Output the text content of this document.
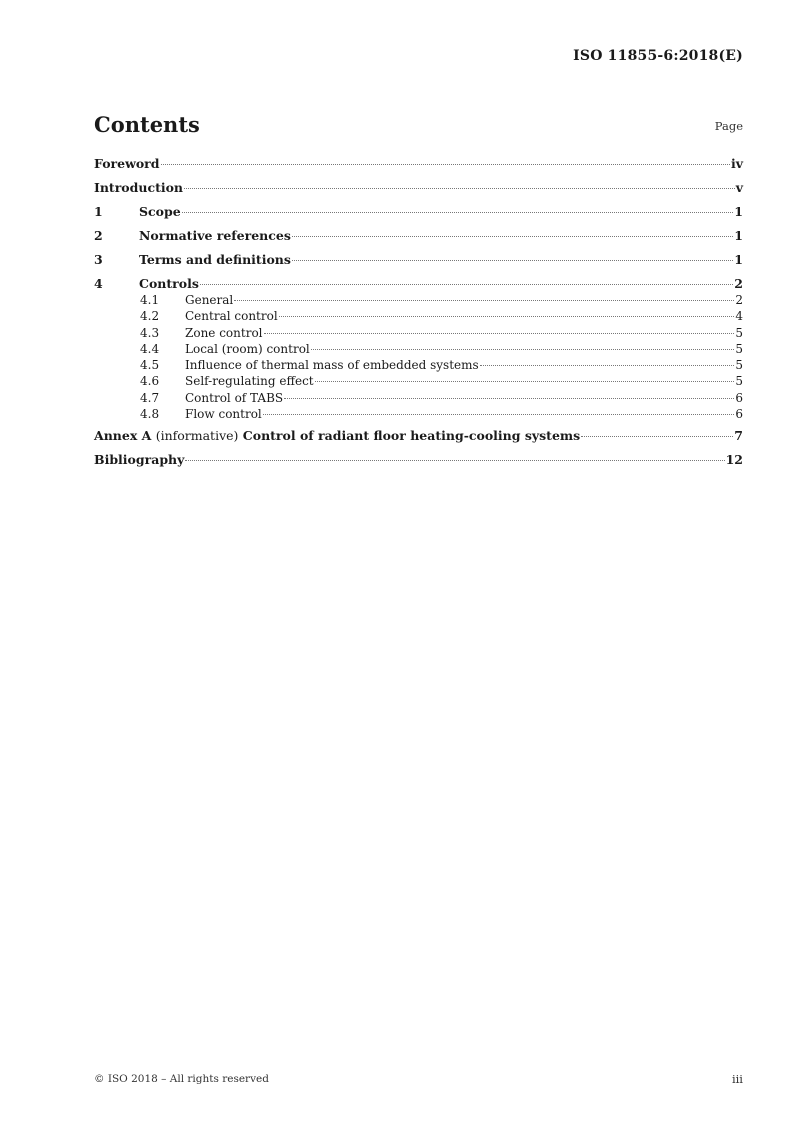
ISO 11855-6:2018(E)
Contents	Page
Foreword	iv
Introduction	v
1	Scope	1
2	Normative references	1
3	Terms and definitions	1
4	Controls	2
4.1	General	2
4.2	Central control	4
4.3	Zone control	5
4.4	Local (room) control	5
4.5	Influence of thermal mass of embedded systems	5
4.6	Self-regulating effect	5
4.7	Control of TABS	6
4.8	Flow control	6
Annex A (informative) Control of radiant floor heating-cooling systems	7
Bibliography	12
© ISO 2018 – All rights reserved	iii
